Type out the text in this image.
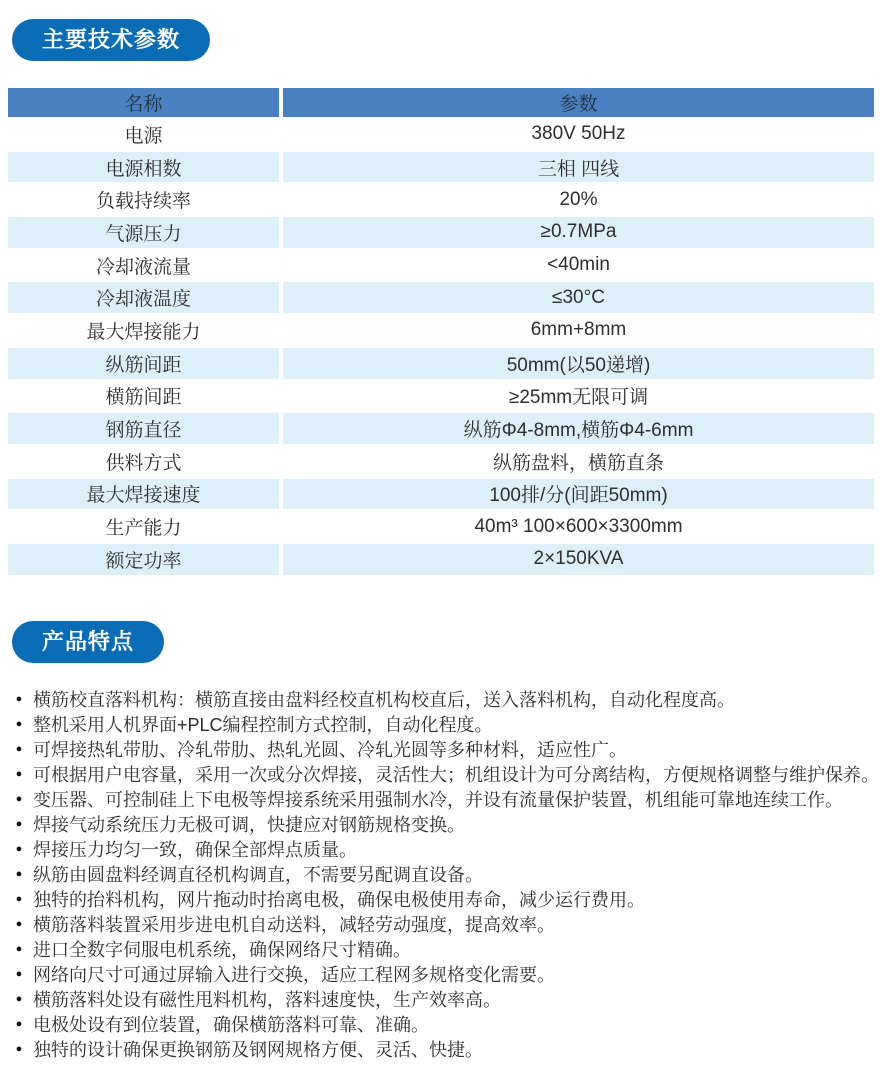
主要技术参数
名称	参数
电源	380V 50Hz
电源相数	三相 四线
负载持续率	20%
气源压力	≥0.7MPa
冷却液流量	<40min
冷却液温度	≤30°C
最大焊接能力	6mm+8mm
纵筋间距	50mm(以50递增)
横筋间距	≥25mm无限可调
钢筋直径	纵筋Φ4-8mm,横筋Φ4-6mm
供料方式	纵筋盘料，横筋直条
最大焊接速度	100排/分(间距50mm)
生产能力	40m³ 100×600×3300mm
额定功率	2×150KVA
产品特点
● 横筋校直落料机构：横筋直接由盘料经校直机构校直后，送入落料机构，自动化程度高。
● 整机采用人机界面+PLC编程控制方式控制，自动化程度。
● 可焊接热轧带肋、冷轧带肋、热轧光圆、冷轧光圆等多种材料，适应性广。
● 可根据用户电容量，采用一次或分次焊接，灵活性大；机组设计为可分离结构，方便规格调整与维护保养。
● 变压器、可控制硅上下电极等焊接系统采用强制水冷，并设有流量保护装置，机组能可靠地连续工作。
● 焊接气动系统压力无极可调，快捷应对钢筋规格变换。
● 焊接压力均匀一致，确保全部焊点质量。
● 纵筋由圆盘料经调直径机构调直，不需要另配调直设备。
● 独特的抬料机构，网片拖动时抬离电极，确保电极使用寿命，减少运行费用。
● 横筋落料装置采用步进电机自动送料，减轻劳动强度，提高效率。
● 进口全数字伺服电机系统，确保网络尺寸精确。
● 网络向尺寸可通过屏输入进行交换，适应工程网多规格变化需要。
● 横筋落料处设有磁性甩料机构，落料速度快，生产效率高。
● 电极处设有到位装置，确保横筋落料可靠、准确。
● 独特的设计确保更换钢筋及钢网规格方便、灵活、快捷。
